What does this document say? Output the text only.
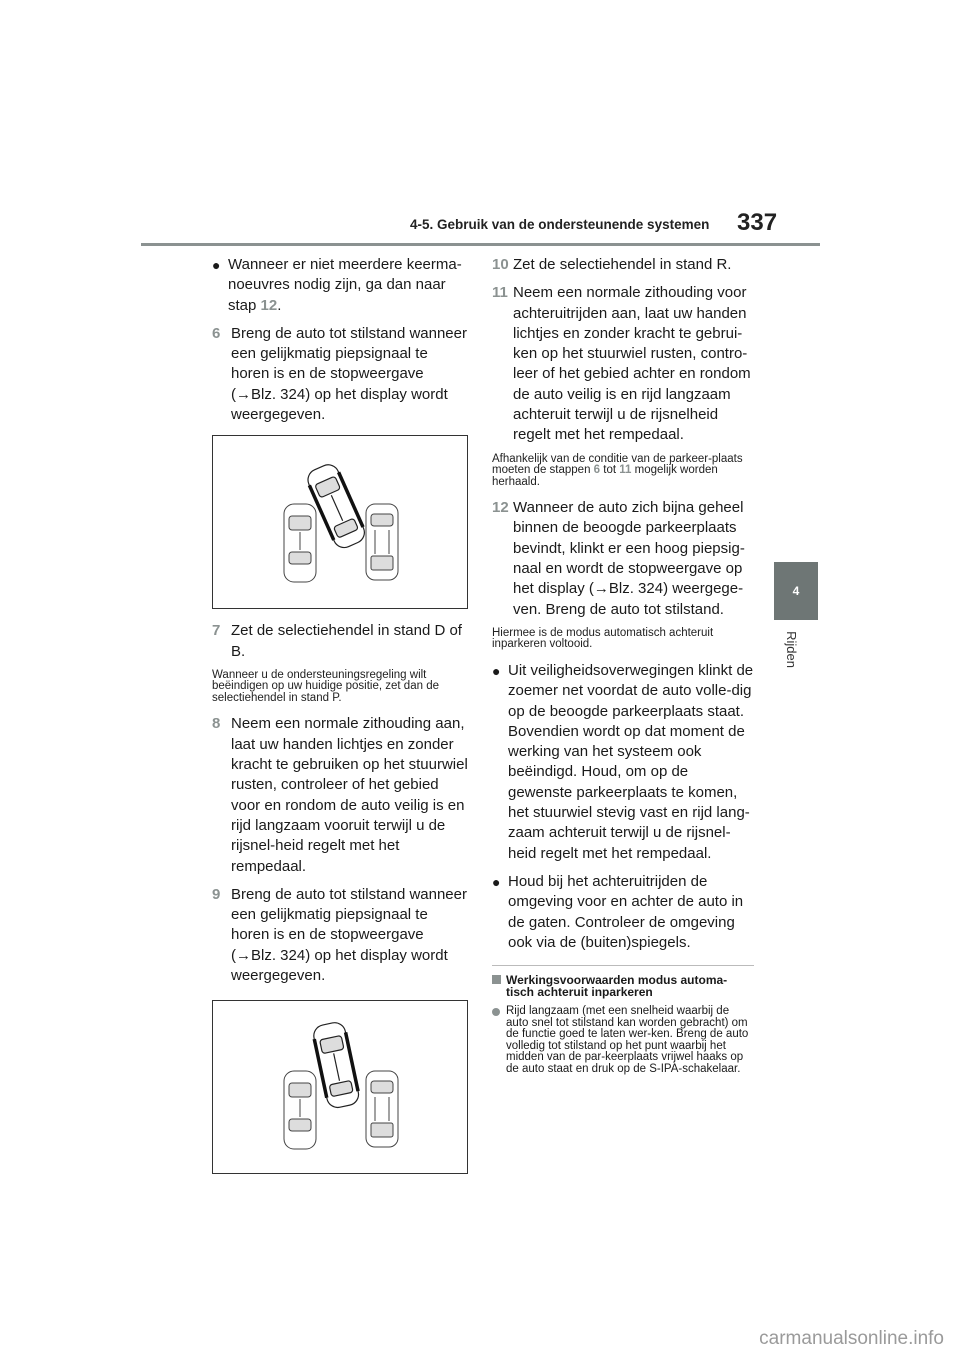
4-5. Gebruik van de ondersteunende systemen 337
4
Rijden
● Wanneer er niet meerdere keerma-noeuvres nodig zijn, ga dan naar stap 12.
6 Breng de auto tot stilstand wanneer een gelijkmatig piepsignaal te horen is en de stopweergave (→Blz. 324) op het display wordt weergegeven.
7 Zet de selectiehendel in stand D of B.

Wanneer u de ondersteuningsregeling wilt beëindigen op uw huidige positie, zet dan de selectiehendel in stand P.

8 Neem een normale zithouding aan, laat uw handen lichtjes en zonder kracht te gebruiken op het stuurwiel rusten, controleer of het gebied voor en rondom de auto veilig is en rijd langzaam vooruit terwijl u de rijsnel-heid regelt met het rempedaal.
9 Breng de auto tot stilstand wanneer een gelijkmatig piepsignaal te horen is en de stopweergave (→Blz. 324) op het display wordt weergegeven.
10 Zet de selectiehendel in stand R.
11 Neem een normale zithouding voor achteruitrijden aan, laat uw handen lichtjes en zonder kracht te gebrui-ken op het stuurwiel rusten, contro-leer of het gebied achter en rondom de auto veilig is en rijd langzaam achteruit terwijl u de rijsnelheid regelt met het rempedaal.

Afhankelijk van de conditie van de parkeer-plaats moeten de stappen 6 tot 11 mogelijk worden herhaald.

12 Wanneer de auto zich bijna geheel binnen de beoogde parkeerplaats bevindt, klinkt er een hoog piepsig-naal en wordt de stopweergave op het display (→Blz. 324) weergege-ven. Breng de auto tot stilstand.

Hiermee is de modus automatisch achteruit inparkeren voltooid.

● Uit veiligheidsoverwegingen klinkt de zoemer net voordat de auto volle-dig op de beoogde parkeerplaats staat. Bovendien wordt op dat moment de werking van het systeem ook beëindigd. Houd, om op de gewenste parkeerplaats te komen, het stuurwiel stevig vast en rijd lang-zaam achteruit terwijl u de rijsnel-heid regelt met het rempedaal.
● Houd bij het achteruitrijden de omgeving voor en achter de auto in de gaten. Controleer de omgeving ook via de (buiten)spiegels.
Werkingsvoorwaarden modus automa-tisch achteruit inparkeren
Rijd langzaam (met een snelheid waarbij de auto snel tot stilstand kan worden gebracht) om de functie goed te laten wer-ken. Breng de auto volledig tot stilstand op het punt waarbij het midden van de par-keerplaats vrijwel haaks op de auto staat en druk op de S-IPA-schakelaar.
carmanualsonline.info
